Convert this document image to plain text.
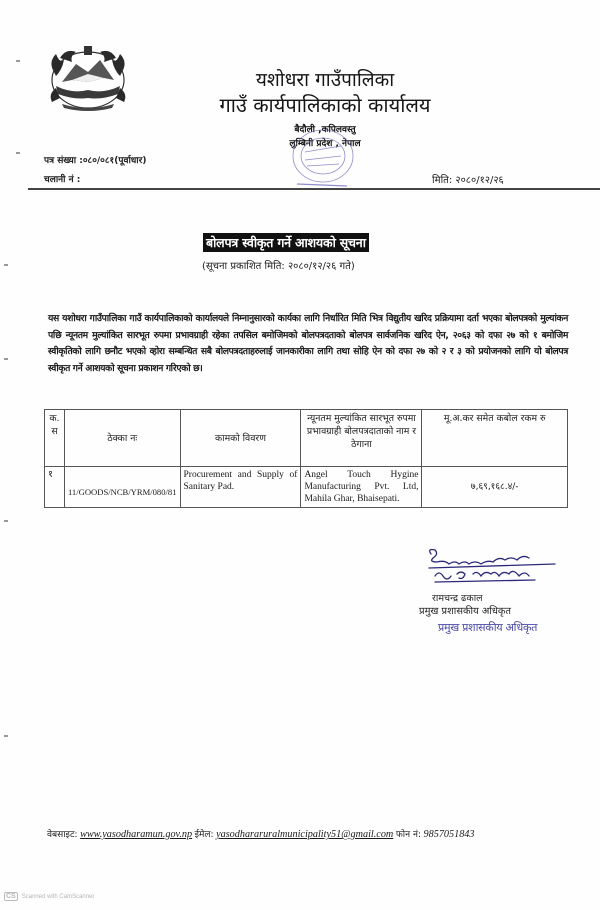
यशोधरा गाउँपालिका
गाउँ कार्यपालिकाको कार्यालय
बैदौली ,कपिलवस्तु
लुम्बिनी प्रदेश , नेपाल
पत्र संख्या :०८०/०८१(पूर्वाधार)
चलानी नं :	मिति: २०८०/१२/२६
बोलपत्र स्वीकृत गर्ने आशयको सूचना
(सूचना प्रकाशित मिति: २०८०/१२/२६ गते)
यस यशोधरा गाउँपालिका गाउँ कार्यपालिकाको कार्यालयले निम्नानुसारको कार्यका लागि निर्धारित मिति भित्र विद्युतीय खरिद प्रक्रियामा दर्ता भएका बोलपत्रको मुल्यांकन पछि न्यूनतम मुल्यांकित सारभूत रुपमा प्रभावग्राही रहेका तपसिल बमोजिमको बोलपत्रदताको बोलपत्र सार्वजनिक खरिद ऐन, २०६३ को दफा २७ को १ बमोजिम स्वीकृतिको लागि छनौट भएको व्होरा सम्बन्धित सबै बोलपत्रदताहरुलाई जानकारीका लागि तथा सोहि ऐन को दफा २७ को २ र ३ को प्रयोजनको लागि यो बोलपत्र स्वीकृत गर्ने आशयको सूचना प्रकाशन गरिएको छ।
क. स	ठेक्का नः	कामको विवरण	न्यूनतम मुल्यांकित सारभूत रुपमा प्रभावग्राही बोलपत्रदाताको नाम र ठेगाना	मू.अ.कर समेत कबोल रकम रु
१	11/GOODS/NCB/YRM/080/81	Procurement and Supply of Sanitary Pad.	Angel Touch Hygine Manufacturing Pvt. Ltd, Mahila Ghar, Bhaisepati.	७,६९,१६८.४/-
रामचन्द्र ढकाल
प्रमुख प्रशासकीय अधिकृत
प्रमुख प्रशासकीय अधिकृत
वेबसाइट: www.yasodharamun.gov.np ईमेल: yasodhararuralmunicipality51@gmail.com फोन नं: 9857051843
CS	Scanned with CamScanner
